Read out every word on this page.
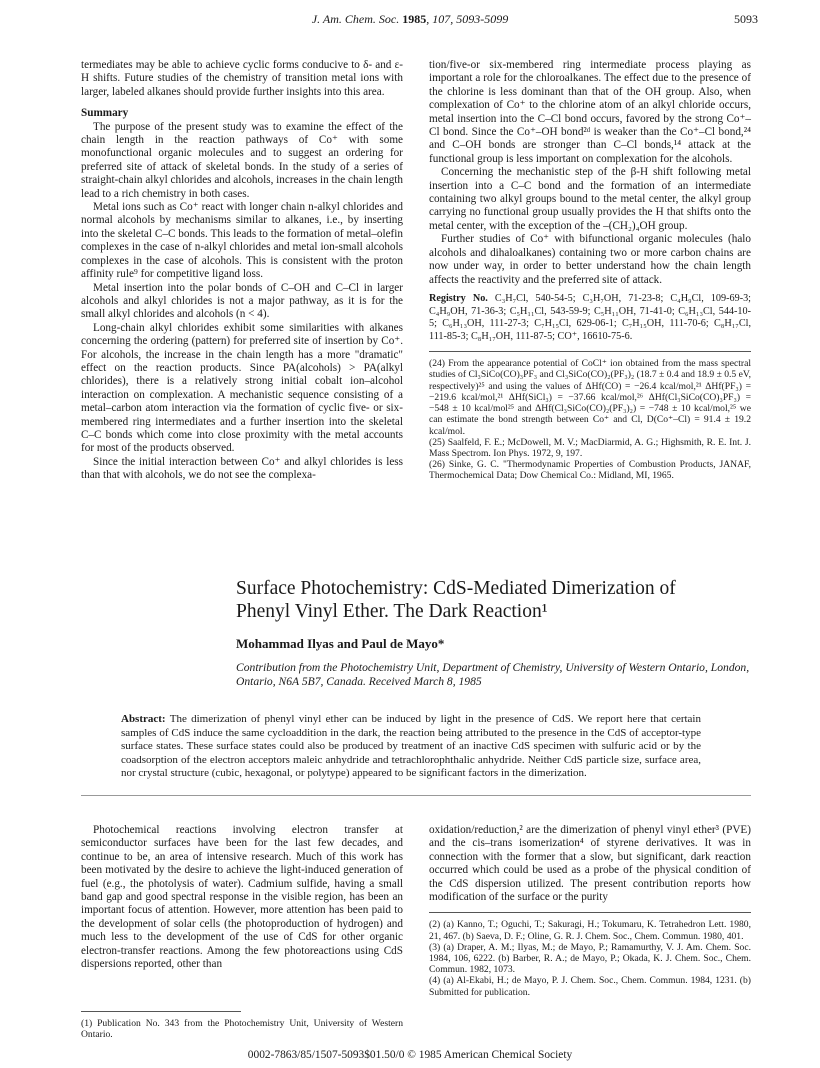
J. Am. Chem. Soc. 1985, 107, 5093-5099	5093

termediates may be able to achieve cyclic forms conducive to δ- and ε-H shifts. Future studies of the chemistry of transition metal ions with larger, labeled alkanes should provide further insights into this area.

Summary

The purpose of the present study was to examine the effect of the chain length in the reaction pathways of Co⁺ with some monofunctional organic molecules and to suggest an ordering for preferred site of attack of skeletal bonds. In the study of a series of straight-chain alkyl chlorides and alcohols, increases in the chain length lead to a rich chemistry in both cases.

Metal ions such as Co⁺ react with longer chain n-alkyl chlorides and normal alcohols by mechanisms similar to alkanes, i.e., by inserting into the skeletal C–C bonds. This leads to the formation of metal–olefin complexes in the case of n-alkyl chlorides and metal ion-small alcohols complexes in the case of alcohols. This is consistent with the proton affinity rule⁹ for competitive ligand loss.

Metal insertion into the polar bonds of C–OH and C–Cl in larger alcohols and alkyl chlorides is not a major pathway, as it is for the small alkyl chlorides and alcohols (n < 4).

Long-chain alkyl chlorides exhibit some similarities with alkanes concerning the ordering (pattern) for preferred site of insertion by Co⁺. For alcohols, the increase in the chain length has a more "dramatic" effect on the reaction products. Since PA(alcohols) > PA(alkyl chlorides), there is a relatively strong initial cobalt ion–alcohol interaction on complexation. A mechanistic sequence consisting of a metal–carbon atom interaction via the formation of cyclic five- or six-membered ring intermediates and a further insertion into the skeletal C–C bonds which come into close proximity with the metal accounts for most of the products observed.

Since the initial interaction between Co⁺ and alkyl chlorides is less than that with alcohols, we do not see the complexa-

tion/five-or six-membered ring intermediate process playing as important a role for the chloroalkanes. The effect due to the presence of the chlorine is less dominant than that of the OH group. Also, when complexation of Co⁺ to the chlorine atom of an alkyl chloride occurs, metal insertion into the C–Cl bond occurs, favored by the strong Co⁺–Cl bond. Since the Co⁺–OH bond²ᵈ is weaker than the Co⁺–Cl bond,²⁴ and C–OH bonds are stronger than C–Cl bonds,¹⁴ attack at the functional group is less important on complexation for the alcohols.

Concerning the mechanistic step of the β-H shift following metal insertion into a C–C bond and the formation of an intermediate containing two alkyl groups bound to the metal center, the alkyl group carrying no functional group usually provides the H that shifts onto the metal center, with the exception of the –(CH₂)₄OH group.

Further studies of Co⁺ with bifunctional organic molecules (halo alcohols and dihaloalkanes) containing two or more carbon chains are now under way, in order to better understand how the chain length affects the reactivity and the preferred site of attack.

Registry No. C₃H₇Cl, 540-54-5; C₃H₇OH, 71-23-8; C₄H₉Cl, 109-69-3; C₄H₉OH, 71-36-3; C₅H₁₁Cl, 543-59-9; C₅H₁₁OH, 71-41-0; C₆H₁₃Cl, 544-10-5; C₆H₁₃OH, 111-27-3; C₇H₁₅Cl, 629-06-1; C₇H₁₅OH, 111-70-6; C₈H₁₇Cl, 111-85-3; C₈H₁₇OH, 111-87-5; CO⁺, 16610-75-6.

(24) From the appearance potential of CoCl⁺ ion obtained from the mass spectral studies of Cl₃SiCo(CO)₃PF₃ and Cl₃SiCo(CO)₂(PF₃)₂ (18.7 ± 0.4 and 18.9 ± 0.5 eV, respectively)²⁵ and using the values of ΔHf(CO) = −26.4 kcal/mol,²¹ ΔHf(PF₃) = −219.6 kcal/mol,²¹ ΔHf(SiCl₃) = −37.66 kcal/mol,²⁶ ΔHf(Cl₃SiCo(CO)₃PF₃) = −548 ± 10 kcal/mol²⁵ and ΔHf(Cl₃SiCo(CO)₂(PF₃)₂) = −748 ± 10 kcal/mol,²⁵ we can estimate the bond strength between Co⁺ and Cl, D(Co⁺–Cl) = 91.4 ± 19.2 kcal/mol.

(25) Saalfeld, F. E.; McDowell, M. V.; MacDiarmid, A. G.; Highsmith, R. E. Int. J. Mass Spectrom. Ion Phys. 1972, 9, 197.

(26) Sinke, G. C. "Thermodynamic Properties of Combustion Products, JANAF, Thermochemical Data; Dow Chemical Co.: Midland, MI, 1965.

Surface Photochemistry: CdS-Mediated Dimerization of
Phenyl Vinyl Ether. The Dark Reaction¹
Mohammad Ilyas and Paul de Mayo*
Contribution from the Photochemistry Unit, Department of Chemistry, University of Western Ontario, London, Ontario, N6A 5B7, Canada. Received March 8, 1985
Abstract: The dimerization of phenyl vinyl ether can be induced by light in the presence of CdS. We report here that certain samples of CdS induce the same cycloaddition in the dark, the reaction being attributed to the presence in the CdS of acceptor-type surface states. These surface states could also be produced by treatment of an inactive CdS specimen with sulfuric acid or by the coadsorption of the electron acceptors maleic anhydride and tetrachlorophthalic anhydride. Neither CdS particle size, surface area, nor crystal structure (cubic, hexagonal, or polytype) appeared to be significant factors in the dimerization.

Photochemical reactions involving electron transfer at semiconductor surfaces have been for the last few decades, and continue to be, an area of intensive research. Much of this work has been motivated by the desire to achieve the light-induced generation of fuel (e.g., the photolysis of water). Cadmium sulfide, having a small band gap and good spectral response in the visible region, has been an important focus of attention. However, more attention has been paid to the development of solar cells (the photoproduction of hydrogen) and much less to the development of the use of CdS for other organic electron-transfer reactions. Among the few photoreactions using CdS dispersions reported, other than

(1) Publication No. 343 from the Photochemistry Unit, University of Western Ontario.

oxidation/reduction,² are the dimerization of phenyl vinyl ether³ (PVE) and the cis–trans isomerization⁴ of styrene derivatives. It was in connection with the former that a slow, but significant, dark reaction occurred which could be used as a probe of the physical condition of the CdS dispersion utilized. The present contribution reports how modification of the surface or the purity

(2) (a) Kanno, T.; Oguchi, T.; Sakuragi, H.; Tokumaru, K. Tetrahedron Lett. 1980, 21, 467. (b) Saeva, D. F.; Oline, G. R. J. Chem. Soc., Chem. Commun. 1980, 401.

(3) (a) Draper, A. M.; Ilyas, M.; de Mayo, P.; Ramamurthy, V. J. Am. Chem. Soc. 1984, 106, 6222. (b) Barber, R. A.; de Mayo, P.; Okada, K. J. Chem. Soc., Chem. Commun. 1982, 1073.

(4) (a) Al-Ekabi, H.; de Mayo, P. J. Chem. Soc., Chem. Commun. 1984, 1231. (b) Submitted for publication.

0002-7863/85/1507-5093$01.50/0 © 1985 American Chemical Society
